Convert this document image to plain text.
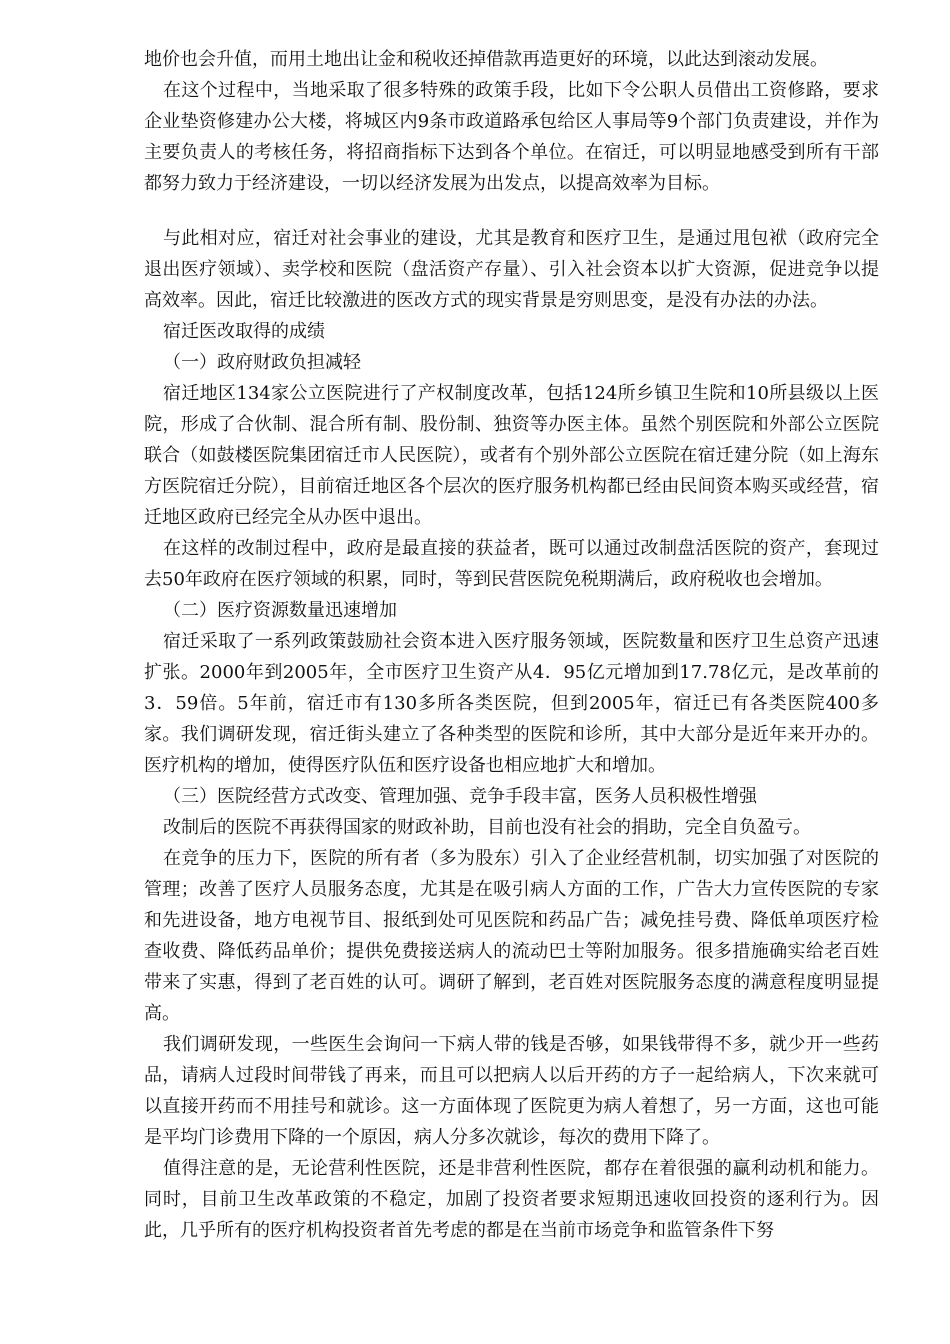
地价也会升值，而用土地出让金和税收还掉借款再造更好的环境，以此达到滚动发展。

在这个过程中，当地采取了很多特殊的政策手段，比如下令公职人员借出工资修路，要求企业垫资修建办公大楼，将城区内9条市政道路承包给区人事局等9个部门负责建设，并作为主要负责人的考核任务，将招商指标下达到各个单位。在宿迁，可以明显地感受到所有干部都努力致力于经济建设，一切以经济发展为出发点，以提高效率为目标。

与此相对应，宿迁对社会事业的建设，尤其是教育和医疗卫生，是通过甩包袱（政府完全退出医疗领域）、卖学校和医院（盘活资产存量）、引入社会资本以扩大资源，促进竞争以提高效率。因此，宿迁比较激进的医改方式的现实背景是穷则思变，是没有办法的办法。

宿迁医改取得的成绩

（一）政府财政负担减轻

宿迁地区134家公立医院进行了产权制度改革，包括124所乡镇卫生院和10所县级以上医院，形成了合伙制、混合所有制、股份制、独资等办医主体。虽然个别医院和外部公立医院联合（如鼓楼医院集团宿迁市人民医院），或者有个别外部公立医院在宿迁建分院（如上海东方医院宿迁分院），目前宿迁地区各个层次的医疗服务机构都已经由民间资本购买或经营，宿迁地区政府已经完全从办医中退出。

在这样的改制过程中，政府是最直接的获益者，既可以通过改制盘活医院的资产，套现过去50年政府在医疗领域的积累，同时，等到民营医院免税期满后，政府税收也会增加。

（二）医疗资源数量迅速增加

宿迁采取了一系列政策鼓励社会资本进入医疗服务领域，医院数量和医疗卫生总资产迅速扩张。2000年到2005年，全市医疗卫生资产从4．95亿元增加到17.78亿元，是改革前的3．59倍。5年前，宿迁市有130多所各类医院，但到2005年，宿迁已有各类医院400多家。我们调研发现，宿迁街头建立了各种类型的医院和诊所，其中大部分是近年来开办的。医疗机构的增加，使得医疗队伍和医疗设备也相应地扩大和增加。

（三）医院经营方式改变、管理加强、竞争手段丰富，医务人员积极性增强

改制后的医院不再获得国家的财政补助，目前也没有社会的捐助，完全自负盈亏。

在竞争的压力下，医院的所有者（多为股东）引入了企业经营机制，切实加强了对医院的管理；改善了医疗人员服务态度，尤其是在吸引病人方面的工作，广告大力宣传医院的专家和先进设备，地方电视节目、报纸到处可见医院和药品广告；减免挂号费、降低单项医疗检查收费、降低药品单价；提供免费接送病人的流动巴士等附加服务。很多措施确实给老百姓带来了实惠，得到了老百姓的认可。调研了解到，老百姓对医院服务态度的满意程度明显提高。

我们调研发现，一些医生会询问一下病人带的钱是否够，如果钱带得不多，就少开一些药品，请病人过段时间带钱了再来，而且可以把病人以后开药的方子一起给病人，下次来就可以直接开药而不用挂号和就诊。这一方面体现了医院更为病人着想了，另一方面，这也可能是平均门诊费用下降的一个原因，病人分多次就诊，每次的费用下降了。

值得注意的是，无论营利性医院，还是非营利性医院，都存在着很强的赢利动机和能力。同时，目前卫生改革政策的不稳定，加剧了投资者要求短期迅速收回投资的逐利行为。因此，几乎所有的医疗机构投资者首先考虑的都是在当前市场竞争和监管条件下努
